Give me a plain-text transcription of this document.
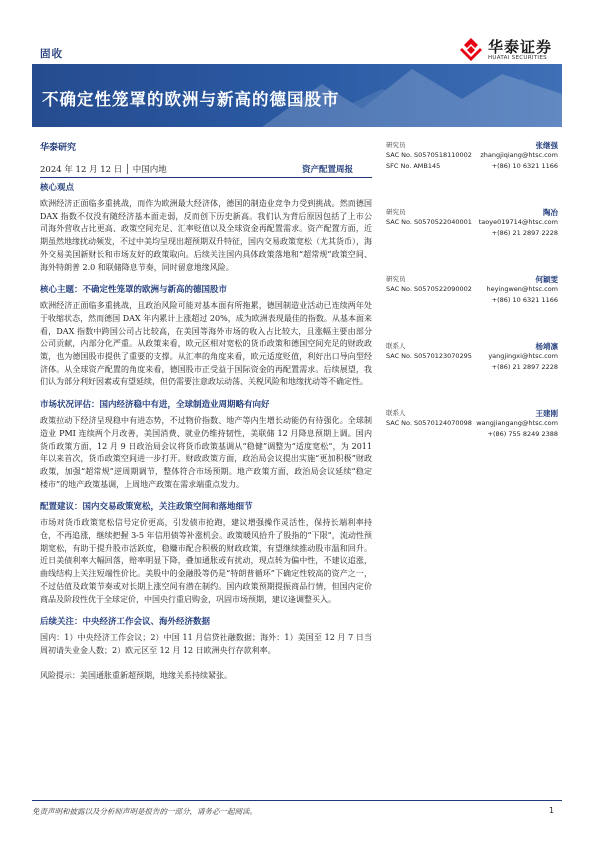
固收	华泰证券
HUATAI SECURITIES
不确定性笼罩的欧洲与新高的德国股市
华泰研究
2024 年 12 月 12 日 │ 中国内地	资产配置周报
核心观点

欧洲经济正面临多重挑战，而作为欧洲最大经济体，德国的制造业竞争力受到挑战。然而德国 DAX 指数不仅没有随经济基本面走弱，反而创下历史新高。我们认为背后原因包括了上市公司海外营收占比更高、政策空间充足、汇率贬值以及全球资金再配置需求。资产配置方面，近期虽然地缘扰动频发，不过中美均呈现出超预期双升特征，国内交易政策宽松（尤其货币），海外交易美国新财长和市场友好的政策取向。后续关注国内具体政策落地和“超常规”政策空间、海外特朗普 2.0 和联储降息节奏，同时留意地缘风险。

核心主题：不确定性笼罩的欧洲与新高的德国股市

欧洲经济正面临多重挑战，且政治风险可能对基本面有所拖累，德国制造业活动已连续两年处于收缩状态，然而德国 DAX 年内累计上涨超过 20%，成为欧洲表现最佳的指数。从基本面来看，DAX 指数中跨国公司占比较高，在美国等海外市场的收入占比较大，且涨幅主要由部分公司贡献，内部分化严重。从政策来看，欧元区相对宽松的货币政策和德国空间充足的财政政策，也为德国股市提供了重要的支撑。从汇率的角度来看，欧元适度贬值，利好出口导向型经济体。从全球资产配置的角度来看，德国股市正受益于国际资金的再配置需求。后续展望，我们认为部分利好因素或有望延续，但仍需要注意政坛动荡、关税风险和地缘扰动等不确定性。

市场状况评估：国内经济稳中有进，全球制造业周期略有向好

政策拉动下经济呈现稳中有进态势，不过物价指数、地产等内生增长动能仍有待强化。全球制造业 PMI 连续两个月改善，美国消费、就业仍维持韧性，美联储 12 月降息预期上调。国内货币政策方面，12 月 9 日政治局会议将货币政策基调从“稳健”调整为“适度宽松”，为 2011 年以来首次，货币政策空间进一步打开。财政政策方面，政治局会议提出实施“更加积极”财政政策，加强“超常规”逆周期调节，整体符合市场预期。地产政策方面，政治局会议延续“稳定楼市”的地产政策基调，上周地产政策在需求端重点发力。

配置建议：国内交易政策宽松，关注政策空间和落地细节

市场对货币政策宽松信号定价更高，引发债市抢跑，建议增强操作灵活性，保持长端利率持仓，不再追涨，继续把握 3-5 年信用债等补涨机会。政策暖风拾升了股指的“下限”，流动性预期宽松，有助于提升股市活跃度，稳赚市配合积极的财政政策，有望继续推动股市温和回升。近日美债利率大幅回落，赔率明显下降，叠加通胀或有扰动，现点转为偏中性，不建议追涨，曲线结构上关注短端性价比。美股中的金融股等仍是“特朗普循环”下确定性较高的资产之一，不过估值及政策节奏或对长期上涨空间有潜在制约。国内政策预期提振商品行情，但国内定价商品及阶段性优于全球定价，中国央行重启购金，巩固市场预期，建议逢调整买入。

后续关注：中央经济工作会议、海外经济数据

国内：1）中央经济工作会议；2）中国 11 月信贷社融数据；海外：1）美国至 12 月 7 日当周初请失业金人数；2）欧元区至 12 月 12 日欧洲央行存款利率。

风险提示：美国通胀重新超预期，地缘关系持续紧张。
研究员	张继强
SAC No. S0570518110002 zhangjiqiang@htsc.com
SFC No. AMB145	+(86) 10 6321 1166
研究员	陶冶
SAC No. S0570522040001 taoye019714@htsc.com
+(86) 21 2897 2228
研究员	何颖雯
SAC No. S0570522090002 heyingwen@htsc.com
+(86) 10 6321 1166
联系人	杨靖凛
SAC No. S0570123070295	yangjingxi@htsc.com
+(86) 21 2897 2228
联系人	王建刚
SAC No. S0570124070098 wangjiangang@htsc.com
+(86) 755 8249 2388
免责声明和披露以及分析师声明是报告的一部分，请务必一起阅读。	1
